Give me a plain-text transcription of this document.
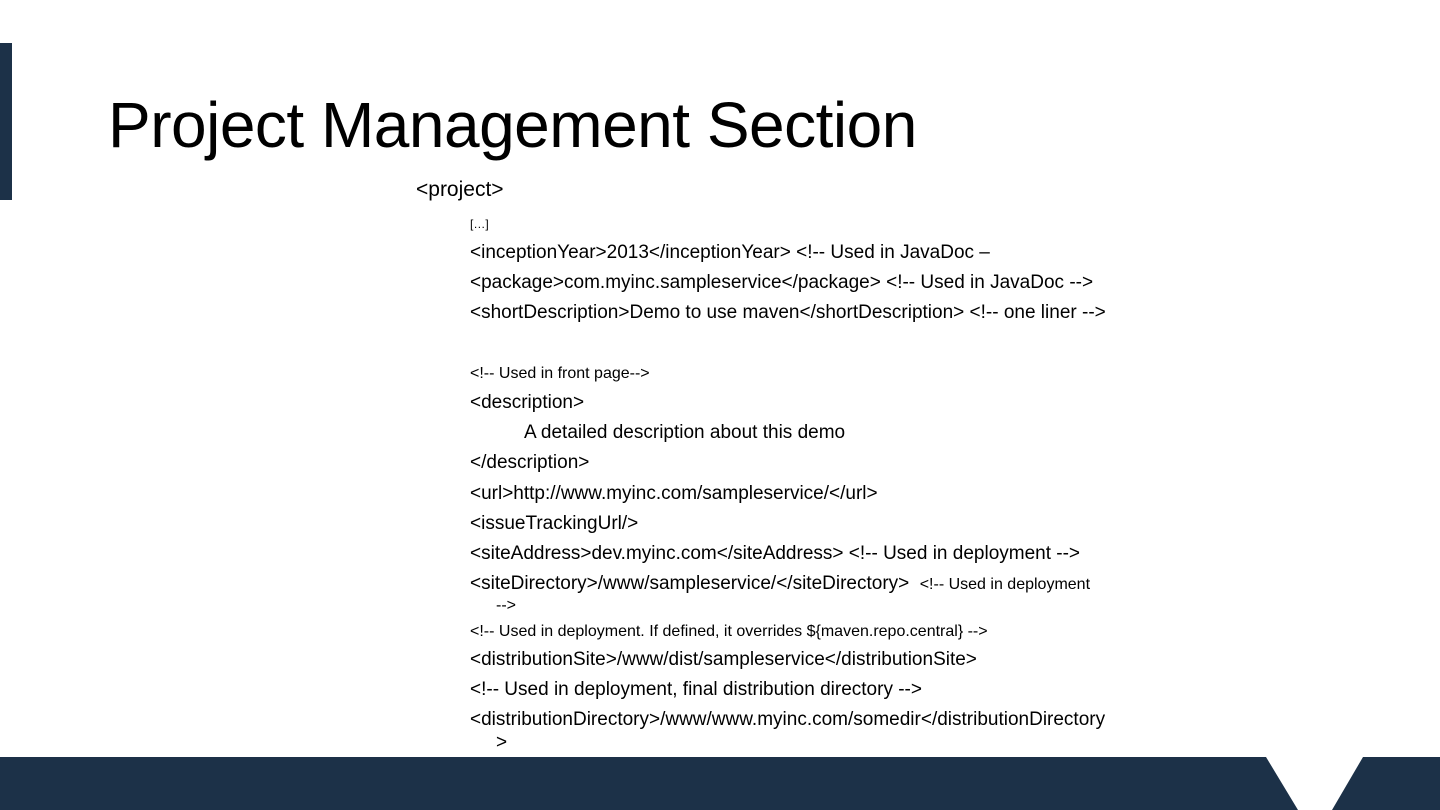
Project Management Section
<project>
[…]
<inceptionYear>2013</inceptionYear> <!-- Used in JavaDoc –
<package>com.myinc.sampleservice</package> <!-- Used in JavaDoc -->
<shortDescription>Demo to use maven</shortDescription> <!-- one liner -->
<!-- Used in front page-->
<description>
A detailed description about this demo
</description>
<url>http://www.myinc.com/sampleservice/</url>
<issueTrackingUrl/>
<siteAddress>dev.myinc.com</siteAddress> <!-- Used in deployment -->
<siteDirectory>/www/sampleservice/</siteDirectory> <!-- Used in deployment
-->
<!-- Used in deployment. If defined, it overrides ${maven.repo.central} -->
<distributionSite>/www/dist/sampleservice</distributionSite>
<!-- Used in deployment, final distribution directory -->
<distributionDirectory>/www/www.myinc.com/somedir</distributionDirectory
>
